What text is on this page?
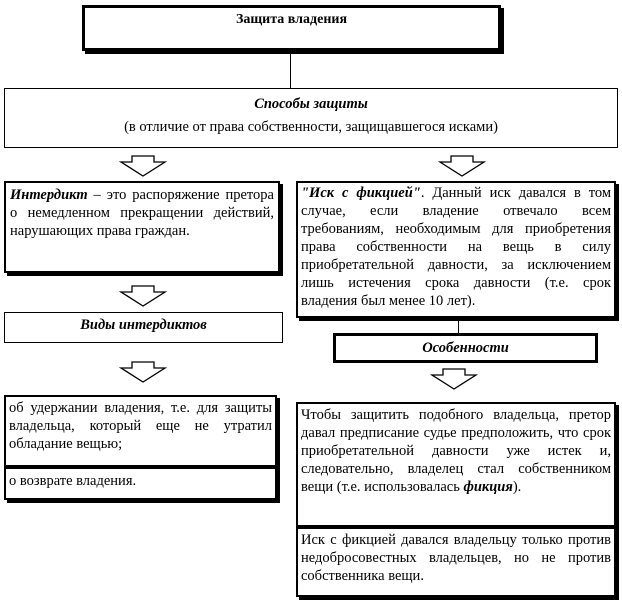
Защита владения
Способы защиты
(в отличие от права собственности, защищавшегося исками)
Интердикт – это распоряжение претора о немедленном прекращении действий, нарушающих права граждан.
"Иск с фикцией". Данный иск давался в том случае, если владение отвечало всем требованиям, необходимым для приобретения права собственности на вещь в силу приобретательной давности, за исключением лишь истечения срока давности (т.е. срок владения был менее 10 лет).
Виды интердиктов
Особенности
об удержании владения, т.е. для защиты владельца, который еще не утратил обладание вещью;
о возврате владения.
Чтобы защитить подобного владельца, претор давал предписание судье предположить, что срок приобретательной давности уже истек и, следовательно, владелец стал собственником вещи (т.е. использовалась фикция).
Иск с фикцией давался владельцу только против недобросовестных владельцев, но не против собственника вещи.
